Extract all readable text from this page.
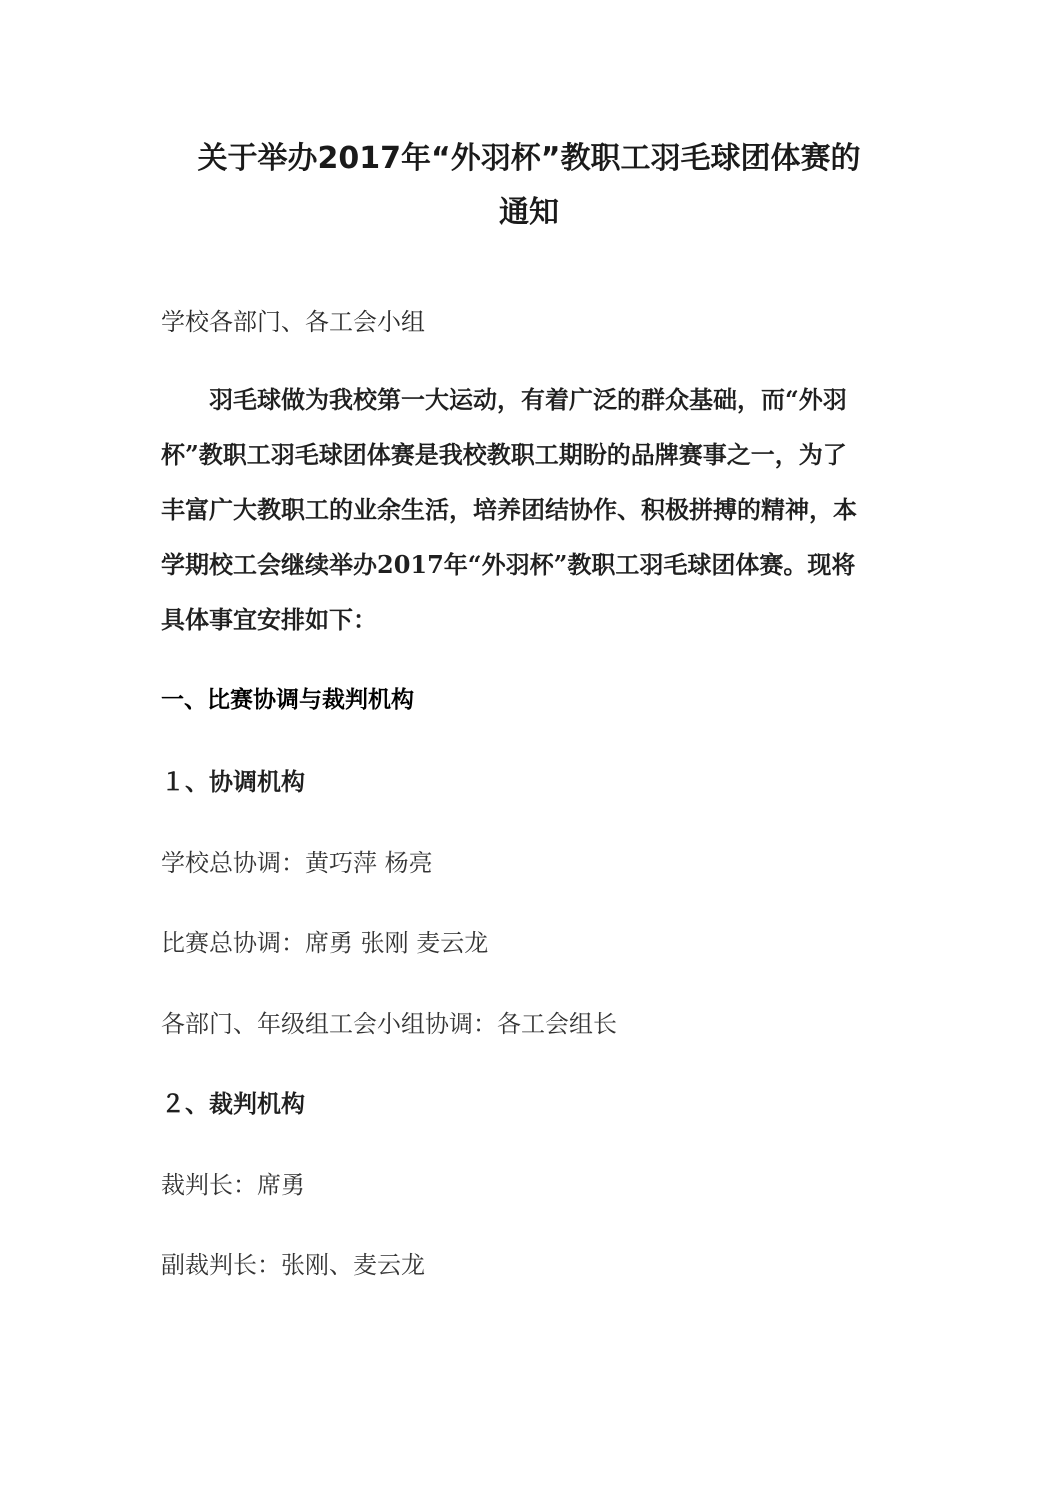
关于举办2017年“外羽杯”教职工羽毛球团体赛的
通知

学校各部门、各工会小组

　　羽毛球做为我校第一大运动，有着广泛的群众基础，而“外羽
杯”教职工羽毛球团体赛是我校教职工期盼的品牌赛事之一，为了
丰富广大教职工的业余生活，培养团结协作、积极拼搏的精神，本
学期校工会继续举办2017年“外羽杯”教职工羽毛球团体赛。现将
具体事宜安排如下：

一、比赛协调与裁判机构

１、协调机构

学校总协调：黄巧萍 杨亮

比赛总协调：席勇 张刚 麦云龙

各部门、年级组工会小组协调：各工会组长

２、裁判机构

裁判长：席勇

副裁判长：张刚、麦云龙
